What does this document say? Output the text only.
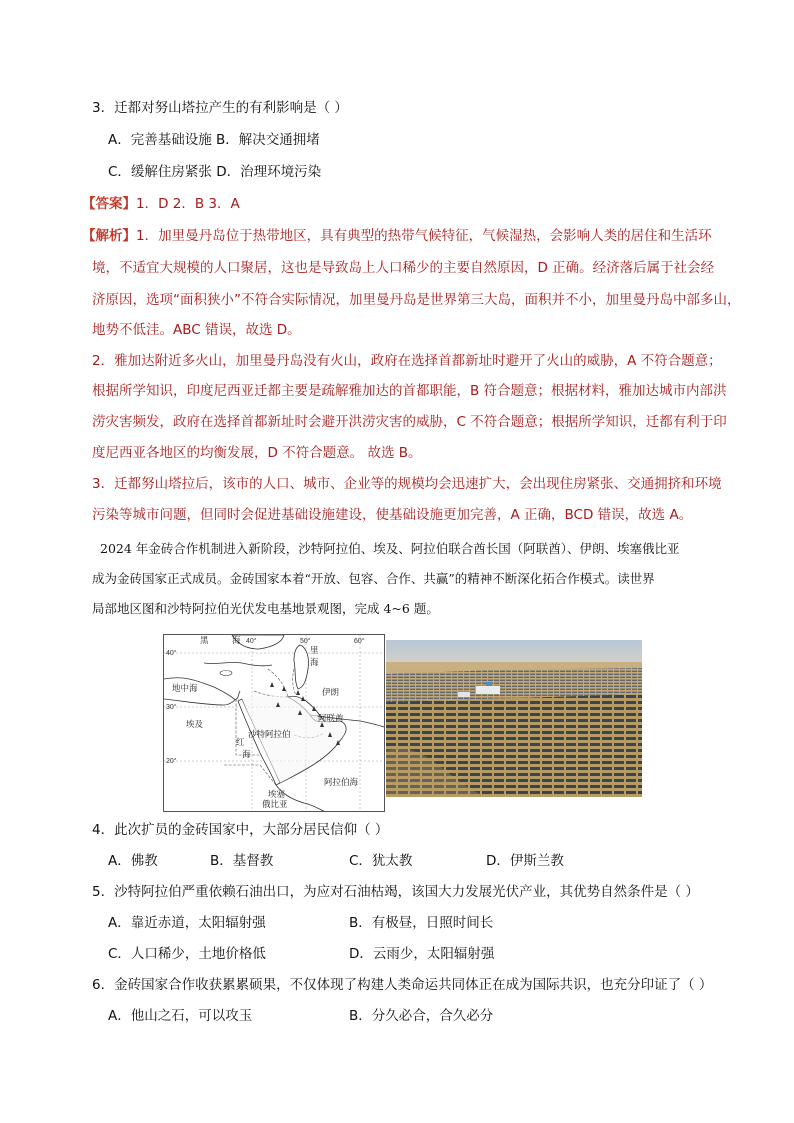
3．迁都对努山塔拉产生的有利影响是（ ）
A．完善基础设施 B．解决交通拥堵
C．缓解住房紧张 D．治理环境污染
【答案】1．D 2．B 3．A
【解析】1．加里曼丹岛位于热带地区，具有典型的热带气候特征，气候湿热，会影响人类的居住和生活环
境，不适宜大规模的人口聚居，这也是导致岛上人口稀少的主要自然原因，D 正确。经济落后属于社会经
济原因，选项“面积狭小”不符合实际情况，加里曼丹岛是世界第三大岛，面积并不小，加里曼丹岛中部多山，
地势不低洼。ABC 错误，故选 D。
2．雅加达附近多火山，加里曼丹岛没有火山，政府在选择首都新址时避开了火山的威胁，A 不符合题意；
根据所学知识，印度尼西亚迁都主要是疏解雅加达的首都职能，B 符合题意；根据材料，雅加达城市内部洪
涝灾害频发，政府在选择首都新址时会避开洪涝灾害的威胁，C 不符合题意；根据所学知识，迁都有利于印
度尼西亚各地区的均衡发展，D 不符合题意。 故选 B。
3．迁都努山塔拉后，该市的人口、城市、企业等的规模均会迅速扩大，会出现住房紧张、交通拥挤和环境
污染等城市问题，但同时会促进基础设施建设，使基础设施更加完善，A 正确，BCD 错误，故选 A。
2024 年金砖合作机制进入新阶段，沙特阿拉伯、埃及、阿拉伯联合酋长国（阿联酋）、伊朗、埃塞俄比亚
成为金砖国家正式成员。金砖国家本着“开放、包容、合作、共赢”的精神不断深化拓合作模式。读世界
局部地区图和沙特阿拉伯光伏发电基地景观图，完成 4~6 题。
黑	海
里
海
地中海
埃及
沙特阿拉伯
伊朗
阿联酋
红
海
阿拉伯海
埃塞
俄比亚
40°
30°
20°
40°	50°	60°
4．此次扩员的金砖国家中，大部分居民信仰（ ）
A．佛教	B．基督教	C．犹太教	D．伊斯兰教
5．沙特阿拉伯严重依赖石油出口，为应对石油枯竭，该国大力发展光伏产业，其优势自然条件是（ ）
A．靠近赤道，太阳辐射强	B．有极昼，日照时间长
C．人口稀少，土地价格低	D．云雨少，太阳辐射强
6．金砖国家合作收获累累硕果，不仅体现了构建人类命运共同体正在成为国际共识，也充分印证了（ ）
A．他山之石，可以攻玉	B．分久必合，合久必分
